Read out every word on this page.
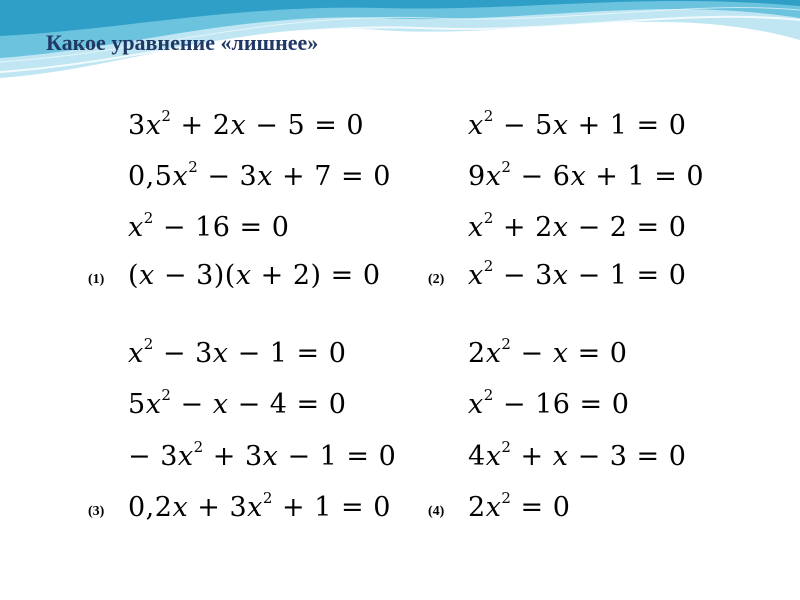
Какое уравнение «лишнее»
(1)
$3x^2 + 2x - 5 = 0$
$0,5x^2 - 3x + 7 = 0$
$x^2 - 16 = 0$
(x − 3)(x + 2) = 0	(2)
$x^2 - 5x + 1 = 0$
$9x^2 - 6x + 1 = 0$
$x^2 + 2x - 2 = 0$
$x^2 - 3x - 1 = 0$
(3)
$x^2 - 3x - 1 = 0$
$5x^2 - x - 4 = 0$
− $3x^2 + 3x - 1 = 0$
$0,2x + 3x^2 + 1 = 0$	(4)
$2x^2 - x = 0$
$x^2 - 16 = 0$
$4x^2 + x - 3 = 0$
$2x^2 = 0$
